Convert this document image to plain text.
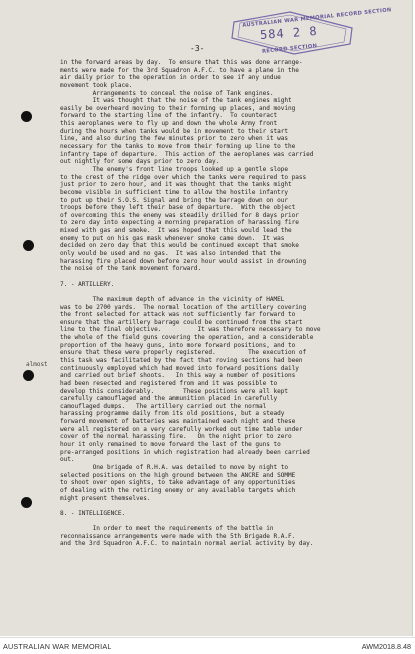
AUSTRALIAN WAR MEMORIAL RECORD SECTION
584 2 8
RECORD SECTION
-3-
in the forward areas by day.  To ensure that this was done arrange-
ments were made for the 3rd Squadron A.F.C. to have a plane in the
air daily prior to the operation in order to see if any undue
movement took place.
Arrangements to conceal the noise of Tank engines.
It was thought that the noise of the tank engines might
easily be overheard moving to their forming up places, and moving
forward to the starting line of the infantry.  To counteract
this aeroplanes were to fly up and down the whole Army front
during the hours when tanks would be in movement to their start
line, and also during the few minutes prior to zero when it was
necessary for the tanks to move from their forming up line to the
infantry tape of departure.  This action of the aeroplanes was carried
out nightly for some days prior to zero day.
The enemy's front line troops looked up a gentle slope
to the crest of the ridge over which the tanks were required to pass
just prior to zero hour, and it was thought that the tanks might
become visible in sufficient time to allow the hostile infantry
to put up their S.O.S. Signal and bring the barrage down on our
troops before they left their base of departure.  With the object
of overcoming this the enemy was steadily drilled for 8 days prior
to zero day into expecting a morning preparation of harassing fire
mixed with gas and smoke.  It was hoped that this would lead the
enemy to put on his gas mask whenever smoke came down.  It was
decided on zero day that this would be continued except that smoke
only would be used and no gas.  It was also intended that the
harassing fire placed down before zero hour would assist in drowning
the noise of the tank movement forward.
7. - ARTILLERY.
The maximum depth of advance in the vicinity of HAMEL
was to be 2700 yards.  The normal location of the artillery covering
the front selected for attack was not sufficiently far forward to
ensure that the artillery barrage could be continued from the start
line to the final objective.          It was therefore necessary to move
the whole of the field guns covering the operation, and a considerable
proportion of the heavy guns, into more forward positions, and to
ensure that these were properly registered.         The execution of
this task was facilitated by the fact that roving sections had been
continuously employed which had moved into forward positions daily
and carried out brief shoots.   In this way a number of positions
had been resected and registered from and it was possible to
develop this considerably.        These positions were all kept
carefully camouflaged and the ammunition placed in carefully
camouflaged dumps.   The artillery carried out the normal
harassing programme daily from its old positions, but a steady
forward movement of batteries was maintained each night and these
were all registered on a very carefully worked out time table under
cover of the normal harassing fire.   On the night prior to zero
hour it only remained to move forward the last of the guns to
pre-arranged positions in which registration had already been carried
out.
One brigade of R.H.A. was detailed to move by night to
selected positions on the high ground between the ANCRE and SOMME
to shoot over open sights, to take advantage of any opportunities
of dealing with the retiring enemy or any available targets which
might present themselves.
8. - INTELLIGENCE.
In order to meet the requirements of the battle in
reconnaissance arrangements were made with the 5th Brigade R.A.F.
and the 3rd Squadron A.F.C. to maintain normal aerial activity by day.
almost
AUSTRALIAN WAR MEMORIAL	AWM2018.8.48
